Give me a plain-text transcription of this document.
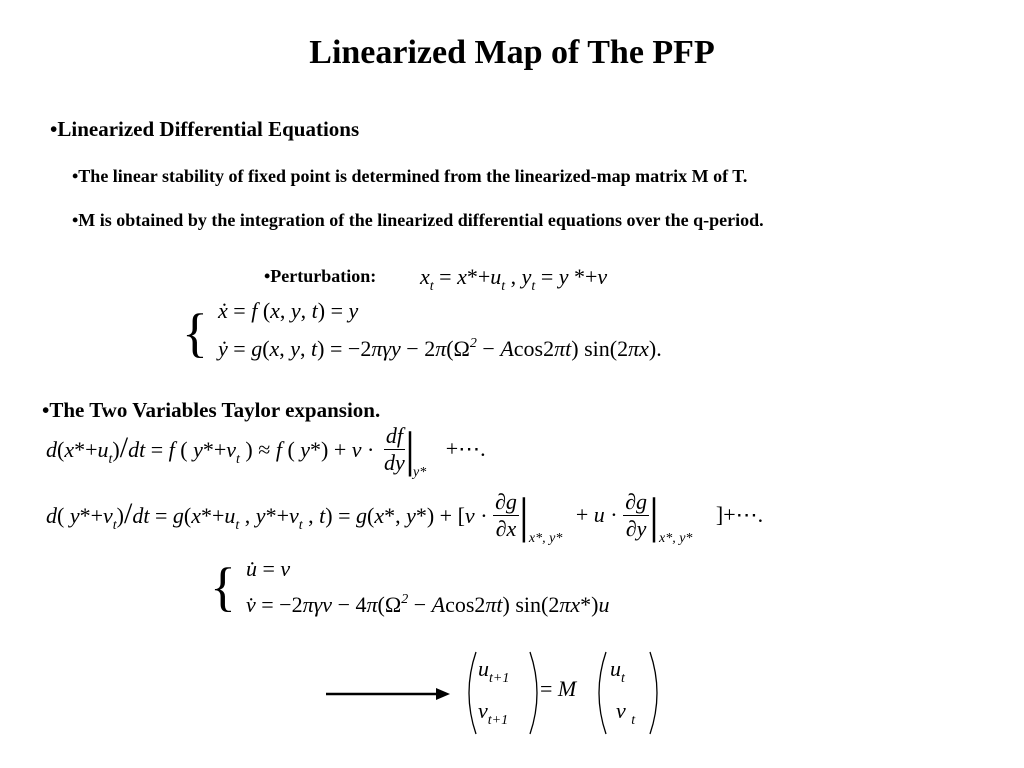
Linearized Map of The PFP
•Linearized Differential Equations
•The linear stability of fixed point is determined from the linearized-map matrix M of T.
•M is obtained by the integration of the linearized differential equations over the q-period.
•Perturbation:
•The Two Variables Taylor expansion.
$x_t = x*+u_t$ , $y_t = y$ *+v
{ ẋ = f (x, y, t) = y
ẏ = g(x, y, $t) = -2\pi\gamma y - 2\pi(\Omega^2 - Acos2\pi t)$ sin(2πx).
$d(x*+u_t)/dt = f$ ( $y*+v_t$ ) ≈ f ( $y*) + v \cdot \frac{df}{dy} |_{y*}$ +⋯.
d( $y*+v_t)/dt = g(x*+u_t$ , $y*+v_t$ , t) = g(x*, $y*) + [v \cdot \frac{\partial g}{\partial x} |_{x*, y*} + u \cdot \frac{\partial g}{\partial y} |_{x*, y*}$ ]+⋯.
{ u̇ = v
v̇ = $-2\pi\gamma v - 4\pi(\Omega^2 - Acos2\pi t)$ sin(2πx*)u
$u_{t+1}$
$v_{t+1}$
= M
$u_t$
v $_t$
